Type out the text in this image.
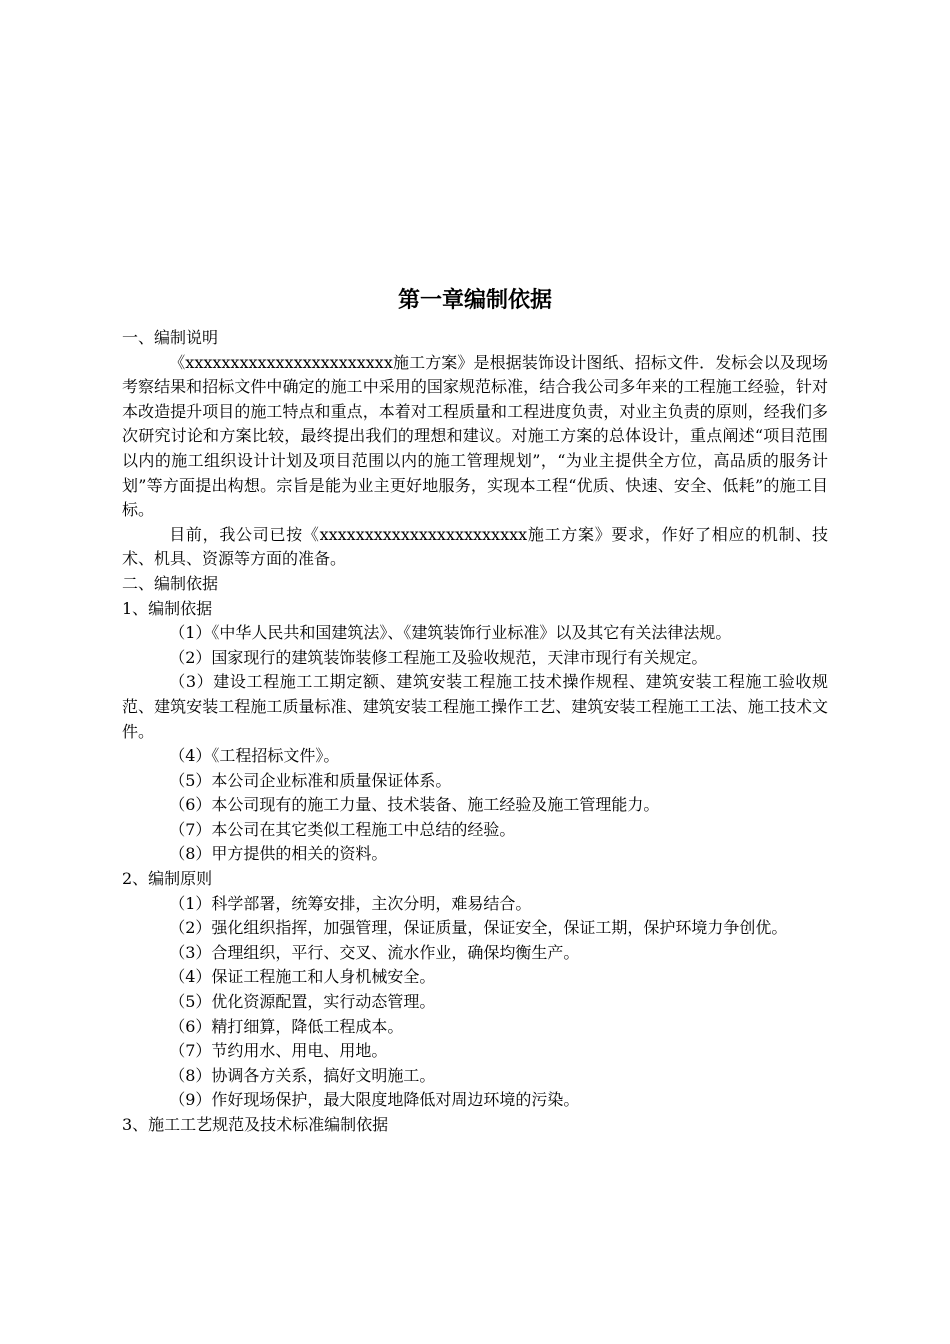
第一章编制依据

一、编制说明

《xxxxxxxxxxxxxxxxxxxxxxx施工方案》是根据装饰设计图纸、招标文件．发标会以及现场考察结果和招标文件中确定的施工中采用的国家规范标准，结合我公司多年来的工程施工经验，针对本改造提升项目的施工特点和重点，本着对工程质量和工程进度负责，对业主负责的原则，经我们多次研究讨论和方案比较，最终提出我们的理想和建议。对施工方案的总体设计，重点阐述“项目范围以内的施工组织设计计划及项目范围以内的施工管理规划”，“为业主提供全方位，高品质的服务计划”等方面提出构想。宗旨是能为业主更好地服务，实现本工程“优质、快速、安全、低耗”的施工目标。

目前，我公司已按《xxxxxxxxxxxxxxxxxxxxxxx施工方案》要求，作好了相应的机制、技术、机具、资源等方面的准备。

二、编制依据

1、编制依据

（1）《中华人民共和国建筑法》、《建筑装饰行业标准》以及其它有关法律法规。

（2）国家现行的建筑装饰装修工程施工及验收规范，天津市现行有关规定。

（3）建设工程施工工期定额、建筑安装工程施工技术操作规程、建筑安装工程施工验收规范、建筑安装工程施工质量标准、建筑安装工程施工操作工艺、建筑安装工程施工工法、施工技术文件。

（4）《工程招标文件》。

（5）本公司企业标准和质量保证体系。

（6）本公司现有的施工力量、技术装备、施工经验及施工管理能力。

（7）本公司在其它类似工程施工中总结的经验。

（8）甲方提供的相关的资料。

2、编制原则

（1）科学部署，统筹安排，主次分明，难易结合。

（2）强化组织指挥，加强管理，保证质量，保证安全，保证工期，保护环境力争创优。

（3）合理组织，平行、交叉、流水作业，确保均衡生产。

（4）保证工程施工和人身机械安全。

（5）优化资源配置，实行动态管理。

（6）精打细算，降低工程成本。

（7）节约用水、用电、用地。

（8）协调各方关系，搞好文明施工。

（9）作好现场保护，最大限度地降低对周边环境的污染。

3、施工工艺规范及技术标准编制依据
